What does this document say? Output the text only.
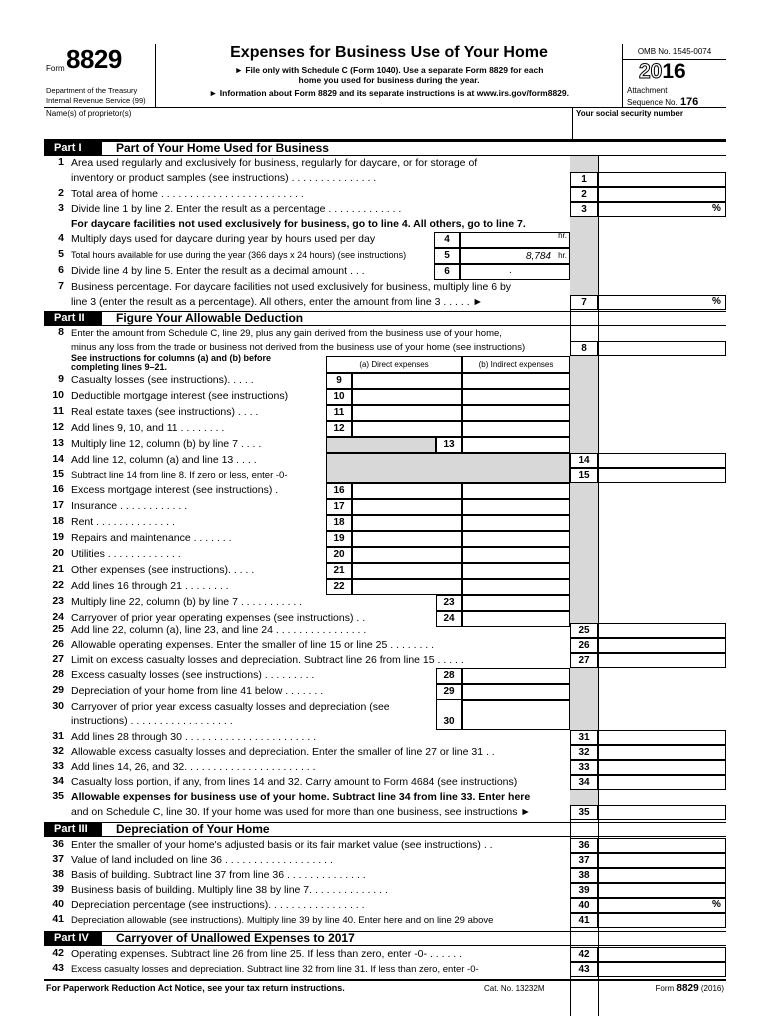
Form 8829
Department of the Treasury
Internal Revenue Service (99)
Expenses for Business Use of Your Home
► File only with Schedule C (Form 1040). Use a separate Form 8829 for each
home you used for business during the year.
► Information about Form 8829 and its separate instructions is at www.irs.gov/form8829.
OMB No. 1545-0074
2016
Attachment
Sequence No. 176
Name(s) of proprietor(s)	Your social security number
Part I	Part of Your Home Used for Business
1 Area used regularly and exclusively for business, regularly for daycare, or for storage of
inventory or product samples (see instructions) . . . . . . . . . . . . . . .	1
2 Total area of home . . . . . . . . . . . . . . . . . . . . . . . . .	2
3 Divide line 1 by line 2. Enter the result as a percentage . . . . . . . . . . . . .	3	%
For daycare facilities not used exclusively for business, go to line 4. All others, go to line 7.
4 Multiply days used for daycare during year by hours used per day	4	hr.
5 Total hours available for use during the year (366 days x 24 hours) (see instructions)	5	8,784 hr.
6 Divide line 4 by line 5. Enter the result as a decimal amount . . .	6	.
7 Business percentage. For daycare facilities not used exclusively for business, multiply line 6 by
line 3 (enter the result as a percentage). All others, enter the amount from line 3 . . . . . ►	7	%
Part II	Figure Your Allowable Deduction
8 Enter the amount from Schedule C, line 29, plus any gain derived from the business use of your home,
minus any loss from the trade or business not derived from the business use of your home (see instructions)	8
See instructions for columns (a) and (b) before
completing lines 9–21.	(a) Direct expenses	(b) Indirect expenses
9 Casualty losses (see instructions). . . . .	9
10 Deductible mortgage interest (see instructions)	10
11 Real estate taxes (see instructions) . . . .	11
12 Add lines 9, 10, and 11 . . . . . . . .	12
13 Multiply line 12, column (b) by line 7 . . . .	13
14 Add line 12, column (a) and line 13 . . . .	14
15 Subtract line 14 from line 8. If zero or less, enter -0-	15
16 Excess mortgage interest (see instructions) .	16
17 Insurance . . . . . . . . . . . .	17
18 Rent . . . . . . . . . . . . . .	18
19 Repairs and maintenance . . . . . . .	19
20 Utilities . . . . . . . . . . . . .	20
21 Other expenses (see instructions). . . . .	21
22 Add lines 16 through 21 . . . . . . . .	22
23 Multiply line 22, column (b) by line 7 . . . . . . . . . . .	23
24 Carryover of prior year operating expenses (see instructions) . .	24
25 Add line 22, column (a), line 23, and line 24 . . . . . . . . . . . . . . . .	25
26 Allowable operating expenses. Enter the smaller of line 15 or line 25 . . . . . . . .	26
27 Limit on excess casualty losses and depreciation. Subtract line 26 from line 15 . . . . .	27
28 Excess casualty losses (see instructions) . . . . . . . . .	28
29 Depreciation of your home from line 41 below . . . . . . .	29
30 Carryover of prior year excess casualty losses and depreciation (see
instructions) . . . . . . . . . . . . . . . . . .	30
31 Add lines 28 through 30 . . . . . . . . . . . . . . . . . . . . . . .	31
32 Allowable excess casualty losses and depreciation. Enter the smaller of line 27 or line 31 . .	32
33 Add lines 14, 26, and 32. . . . . . . . . . . . . . . . . . . . . . .	33
34 Casualty loss portion, if any, from lines 14 and 32. Carry amount to Form 4684 (see instructions)	34
35 Allowable expenses for business use of your home. Subtract line 34 from line 33. Enter here
and on Schedule C, line 30. If your home was used for more than one business, see instructions ►	35
Part III	Depreciation of Your Home
36 Enter the smaller of your home's adjusted basis or its fair market value (see instructions) . .	36
37 Value of land included on line 36 . . . . . . . . . . . . . . . . . . .	37
38 Basis of building. Subtract line 37 from line 36 . . . . . . . . . . . . . .	38
39 Business basis of building. Multiply line 38 by line 7. . . . . . . . . . . . . .	39
40 Depreciation percentage (see instructions). . . . . . . . . . . . . . . . .	40	%
41 Depreciation allowable (see instructions). Multiply line 39 by line 40. Enter here and on line 29 above	41
Part IV	Carryover of Unallowed Expenses to 2017
42 Operating expenses. Subtract line 26 from line 25. If less than zero, enter -0- . . . . . .	42
43 Excess casualty losses and depreciation. Subtract line 32 from line 31. If less than zero, enter -0-	43
For Paperwork Reduction Act Notice, see your tax return instructions.	Cat. No. 13232M	Form 8829 (2016)
